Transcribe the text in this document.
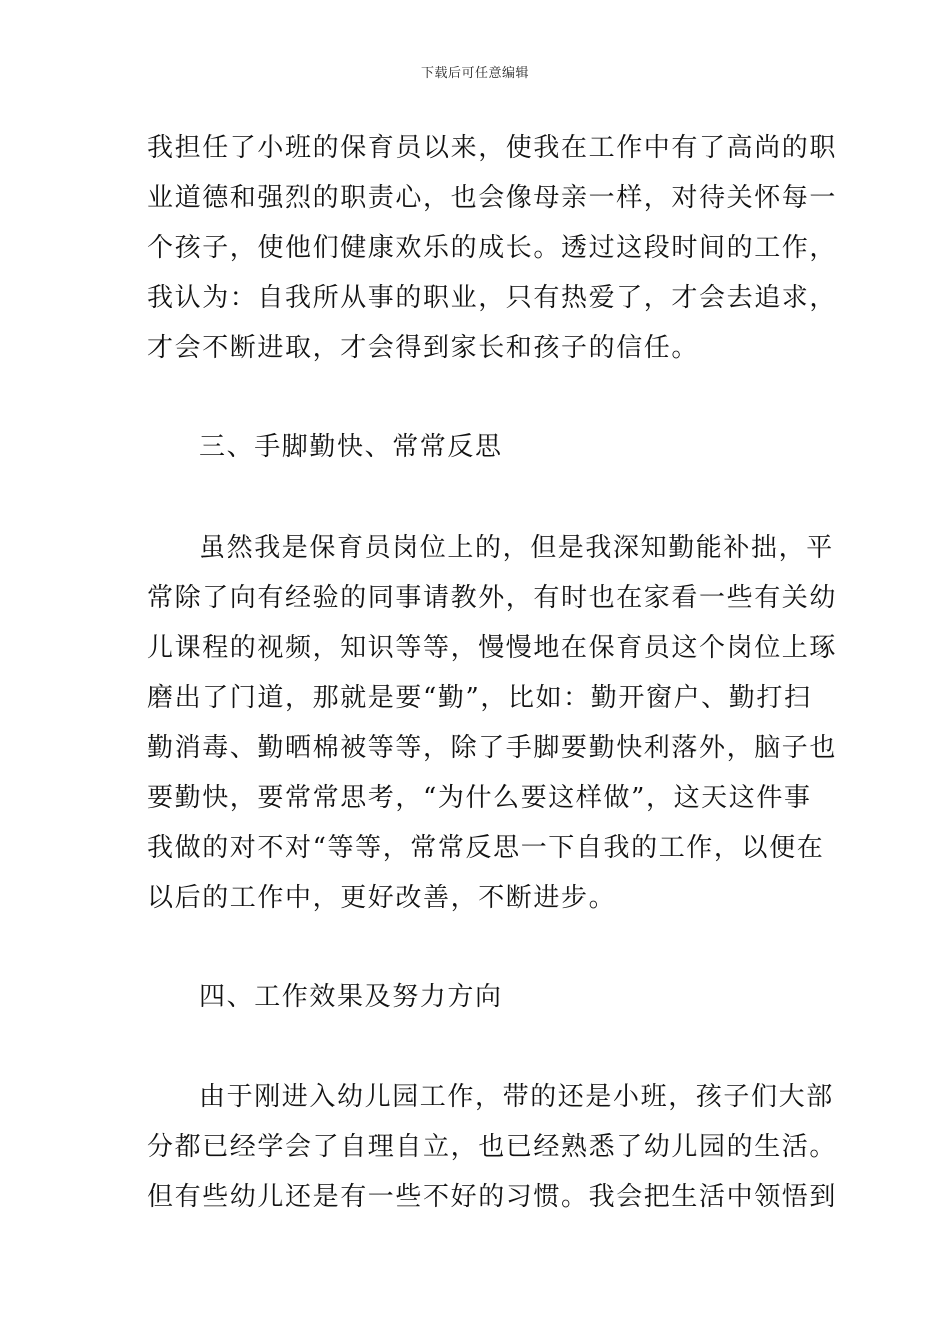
下载后可任意编辑
我担任了小班的保育员以来，使我在工作中有了高尚的职
业道德和强烈的职责心，也会像母亲一样，对待关怀每一
个孩子，使他们健康欢乐的成长。透过这段时间的工作，
我认为：自我所从事的职业，只有热爱了，才会去追求，
才会不断进取，才会得到家长和孩子的信任。
三、手脚勤快、常常反思
虽然我是保育员岗位上的，但是我深知勤能补拙，平
常除了向有经验的同事请教外，有时也在家看一些有关幼
儿课程的视频，知识等等，慢慢地在保育员这个岗位上琢
磨出了门道，那就是要“勤”，比如：勤开窗户、勤打扫
勤消毒、勤晒棉被等等，除了手脚要勤快利落外，脑子也
要勤快，要常常思考，“为什么要这样做”，这天这件事
我做的对不对“等等，常常反思一下自我的工作，以便在
以后的工作中，更好改善，不断进步。
四、工作效果及努力方向
由于刚进入幼儿园工作，带的还是小班，孩子们大部
分都已经学会了自理自立，也已经熟悉了幼儿园的生活。
但有些幼儿还是有一些不好的习惯。我会把生活中领悟到
